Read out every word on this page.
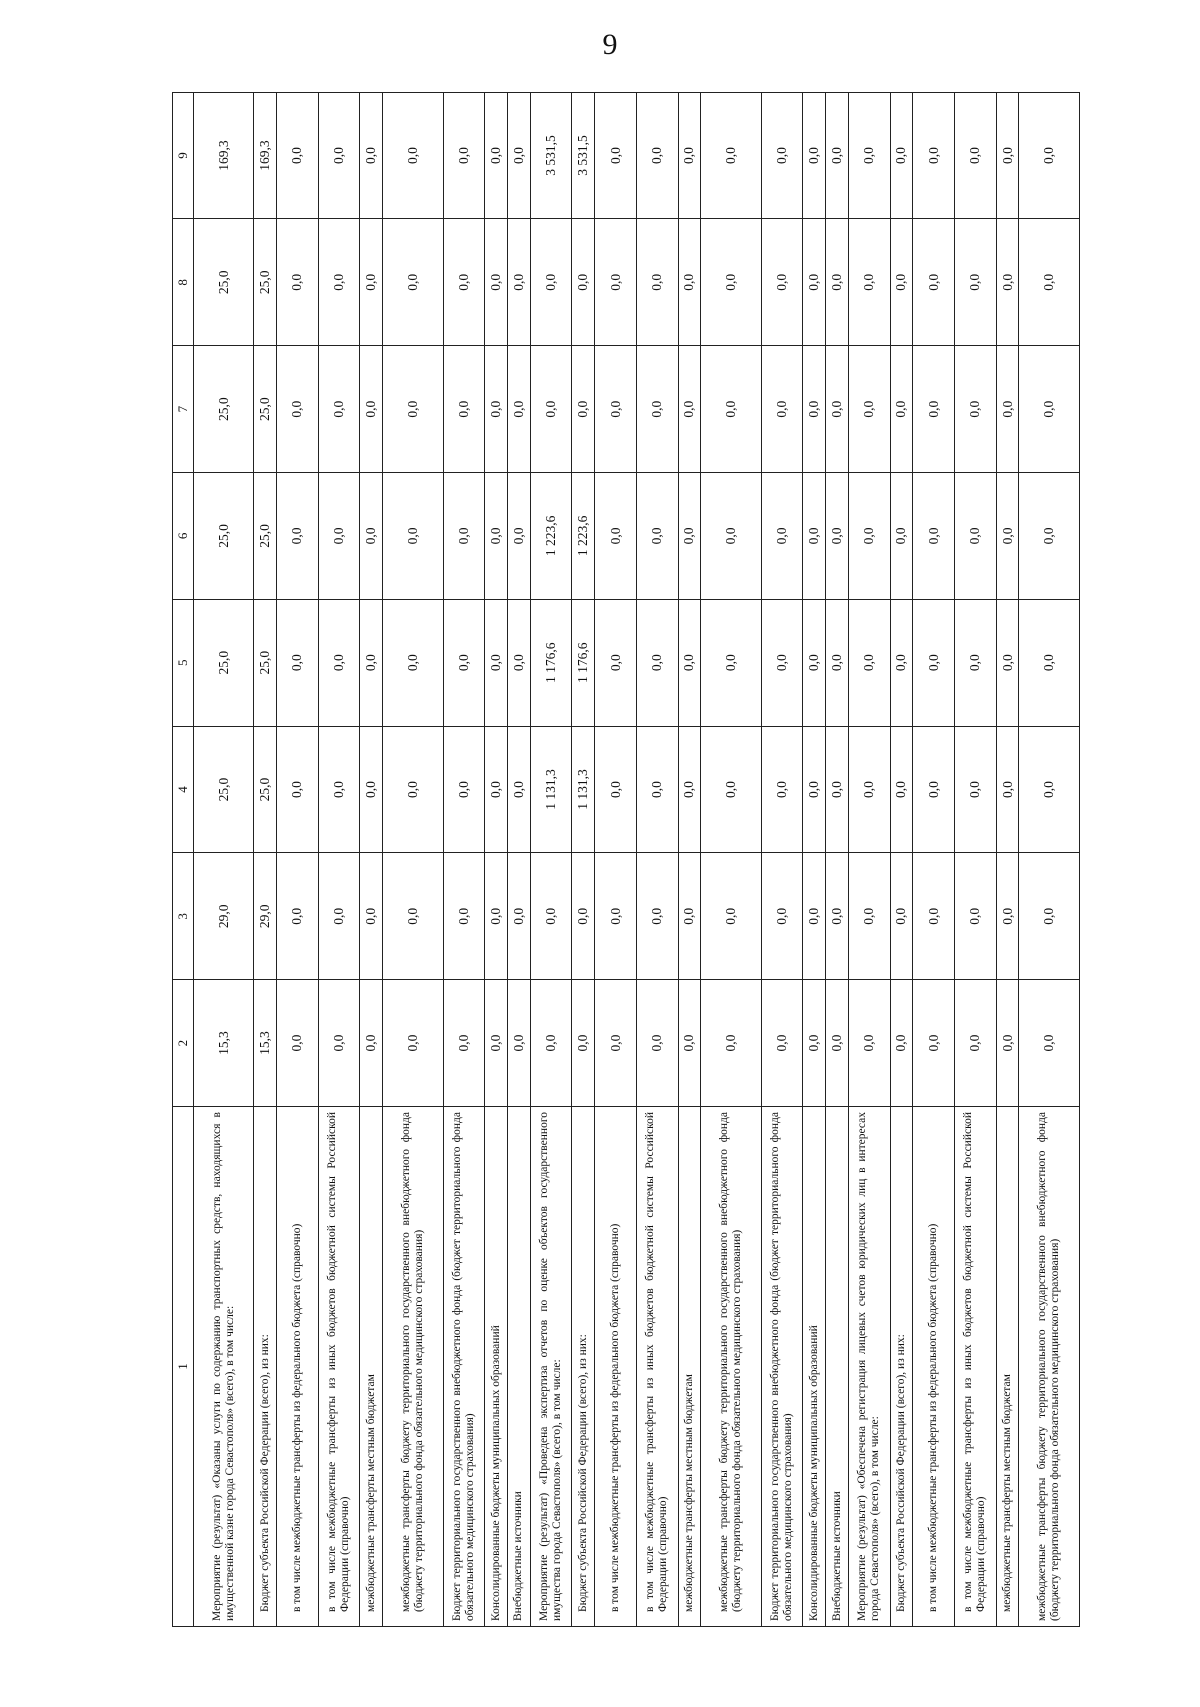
9
1	2	3	4	5	6	7	8	9
Мероприятие (результат) «Оказаны услуги по содержанию транспортных средств, находящихся в имущественной казне города Севастополя» (всего), в том числе:	15,3	29,0	25,0	25,0	25,0	25,0	25,0	169,3
Бюджет субъекта Российской Федерации (всего), из них:	15,3	29,0	25,0	25,0	25,0	25,0	25,0	169,3
в том числе межбюджетные трансферты из федерального бюджета (справочно)	0,0	0,0	0,0	0,0	0,0	0,0	0,0	0,0
в том числе межбюджетные трансферты из иных бюджетов бюджетной системы Российской Федерации (справочно)	0,0	0,0	0,0	0,0	0,0	0,0	0,0	0,0
межбюджетные трансферты местным бюджетам	0,0	0,0	0,0	0,0	0,0	0,0	0,0	0,0
межбюджетные трансферты бюджету территориального государственного внебюджетного фонда (бюджету территориального фонда обязательного медицинского страхования)	0,0	0,0	0,0	0,0	0,0	0,0	0,0	0,0
Бюджет территориального государственного внебюджетного фонда (бюджет территориального фонда обязательного медицинского страхования)	0,0	0,0	0,0	0,0	0,0	0,0	0,0	0,0
Консолидированные бюджеты муниципальных образований	0,0	0,0	0,0	0,0	0,0	0,0	0,0	0,0
Внебюджетные источники	0,0	0,0	0,0	0,0	0,0	0,0	0,0	0,0
Мероприятие (результат) «Проведена экспертиза отчетов по оценке объектов государственного имущества города Севастополя» (всего), в том числе:	0,0	0,0	1 131,3	1 176,6	1 223,6	0,0	0,0	3 531,5
Бюджет субъекта Российской Федерации (всего), из них:	0,0	0,0	1 131,3	1 176,6	1 223,6	0,0	0,0	3 531,5
в том числе межбюджетные трансферты из федерального бюджета (справочно)	0,0	0,0	0,0	0,0	0,0	0,0	0,0	0,0
в том числе межбюджетные трансферты из иных бюджетов бюджетной системы Российской Федерации (справочно)	0,0	0,0	0,0	0,0	0,0	0,0	0,0	0,0
межбюджетные трансферты местным бюджетам	0,0	0,0	0,0	0,0	0,0	0,0	0,0	0,0
межбюджетные трансферты бюджету территориального государственного внебюджетного фонда (бюджету территориального фонда обязательного медицинского страхования)	0,0	0,0	0,0	0,0	0,0	0,0	0,0	0,0
Бюджет территориального государственного внебюджетного фонда (бюджет территориального фонда обязательного медицинского страхования)	0,0	0,0	0,0	0,0	0,0	0,0	0,0	0,0
Консолидированные бюджеты муниципальных образований	0,0	0,0	0,0	0,0	0,0	0,0	0,0	0,0
Внебюджетные источники	0,0	0,0	0,0	0,0	0,0	0,0	0,0	0,0
Мероприятие (результат) «Обеспечена регистрация лицевых счетов юридических лиц в интересах города Севастополя» (всего), в том числе:	0,0	0,0	0,0	0,0	0,0	0,0	0,0	0,0
Бюджет субъекта Российской Федерации (всего), из них:	0,0	0,0	0,0	0,0	0,0	0,0	0,0	0,0
в том числе межбюджетные трансферты из федерального бюджета (справочно)	0,0	0,0	0,0	0,0	0,0	0,0	0,0	0,0
в том числе межбюджетные трансферты из иных бюджетов бюджетной системы Российской Федерации (справочно)	0,0	0,0	0,0	0,0	0,0	0,0	0,0	0,0
межбюджетные трансферты местным бюджетам	0,0	0,0	0,0	0,0	0,0	0,0	0,0	0,0
межбюджетные трансферты бюджету территориального государственного внебюджетного фонда (бюджету территориального фонда обязательного медицинского страхования)	0,0	0,0	0,0	0,0	0,0	0,0	0,0	0,0
